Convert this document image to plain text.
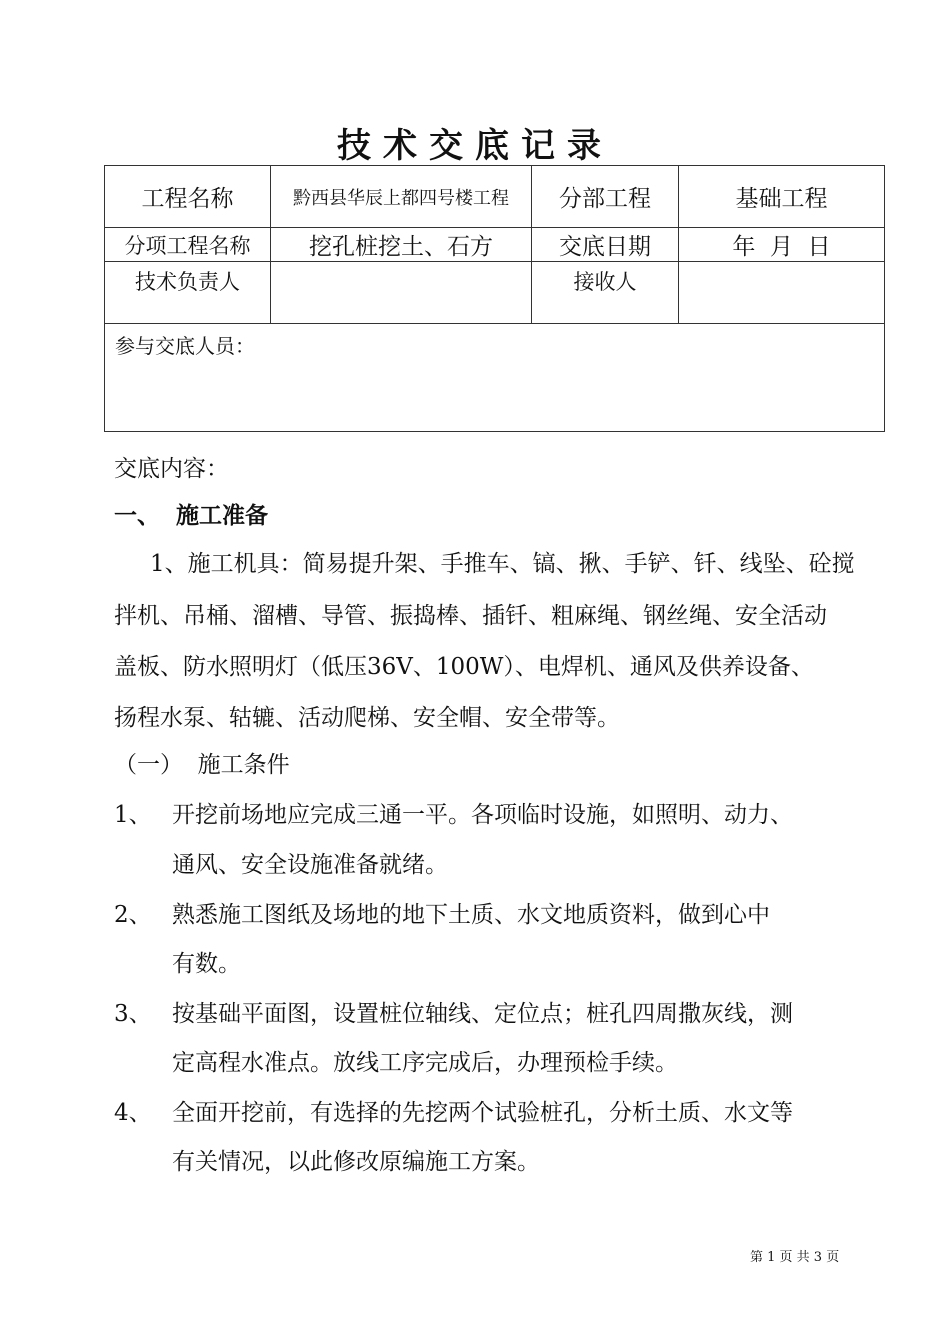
技术交底记录
工程名称	黔西县华辰上都四号楼工程	分部工程	基础工程
分项工程名称	挖孔桩挖土、石方	交底日期	年  月  日
技术负责人		接收人	
参与交底人员：			
交底内容：
一、  施工准备
1、施工机具：简易提升架、手推车、镐、揪、手铲、钎、线坠、砼搅
拌机、吊桶、溜槽、导管、振捣棒、插钎、粗麻绳、钢丝绳、安全活动
盖板、防水照明灯（低压36V、100W）、电焊机、通风及供养设备、
扬程水泵、轱辘、活动爬梯、安全帽、安全带等。
（一）  施工条件
1、 开挖前场地应完成三通一平。各项临时设施，如照明、动力、
通风、安全设施准备就绪。
2、 熟悉施工图纸及场地的地下土质、水文地质资料，做到心中
有数。
3、 按基础平面图，设置桩位轴线、定位点；桩孔四周撒灰线，测
定高程水准点。放线工序完成后，办理预检手续。
4、 全面开挖前，有选择的先挖两个试验桩孔，分析土质、水文等
有关情况，以此修改原编施工方案。
第 1 页 共 3 页
